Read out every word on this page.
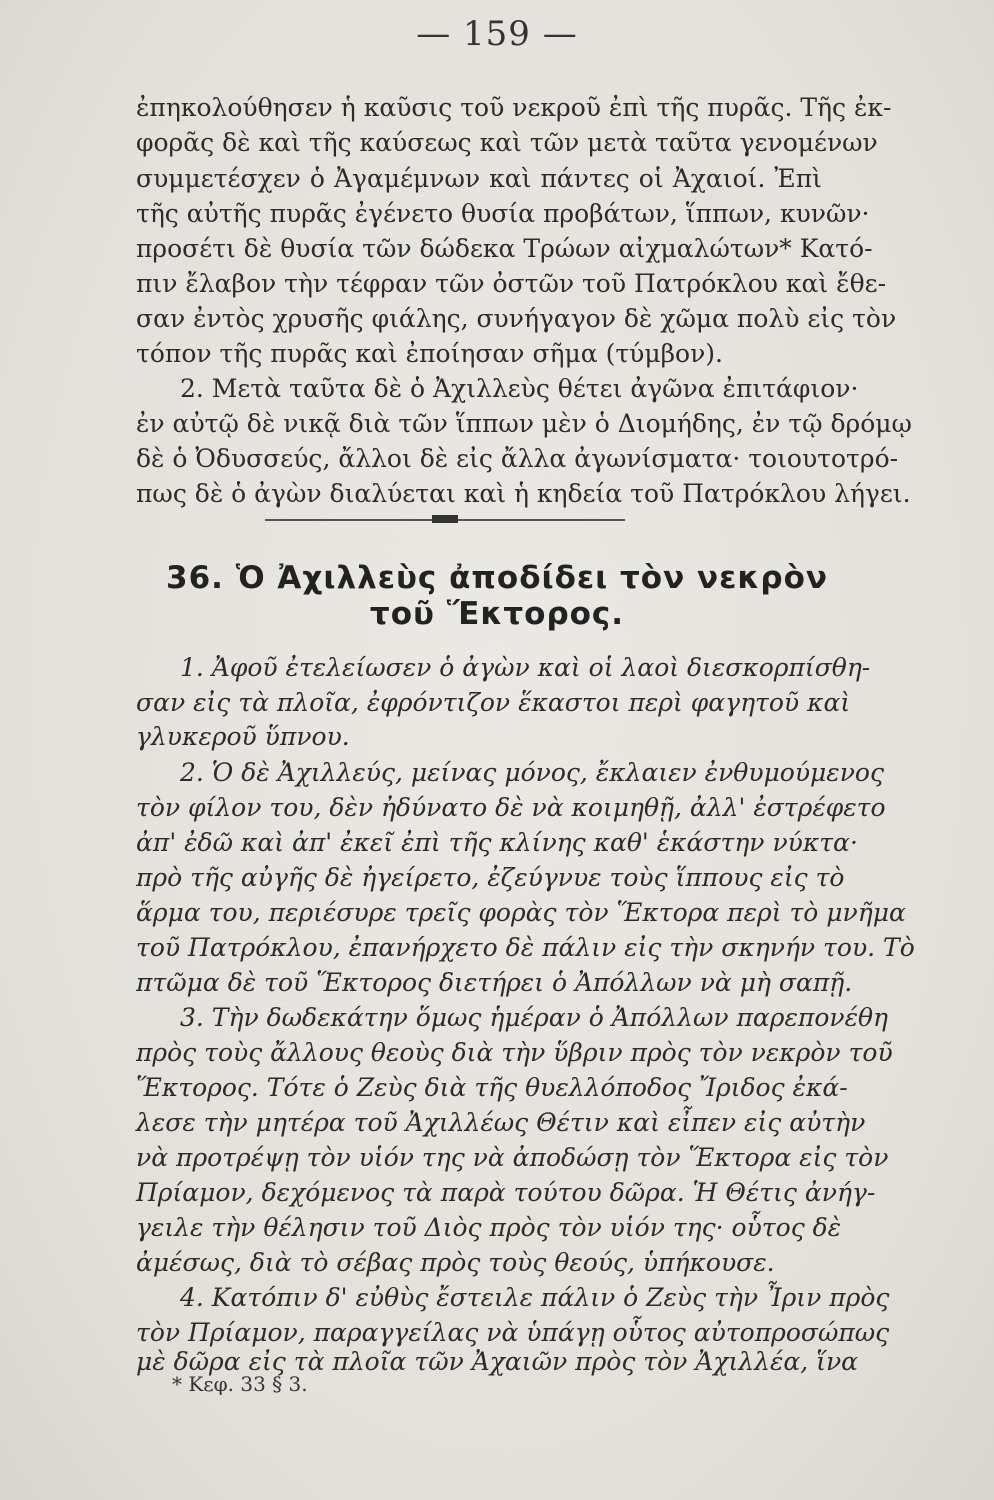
— 159 —
ἐπηκολούθησεν ἡ καῦσις τοῦ νεκροῦ ἐπὶ τῆς πυρᾶς. Τῆς ἐκ-
φορᾶς δὲ καὶ τῆς καύσεως καὶ τῶν μετὰ ταῦτα γενομένων
συμμετέσχεν ὁ Ἀγαμέμνων καὶ πάντες οἱ Ἀχαιοί. Ἐπὶ
τῆς αὐτῆς πυρᾶς ἐγένετο θυσία προβάτων, ἵππων, κυνῶν·
προσέτι δὲ θυσία τῶν δώδεκα Τρώων αἰχμαλώτων* Κατό-
πιν ἔλαβον τὴν τέφραν τῶν ὀστῶν τοῦ Πατρόκλου καὶ ἔθε-
σαν ἐντὸς χρυσῆς φιάλης, συνήγαγον δὲ χῶμα πολὺ εἰς τὸν
τόπον τῆς πυρᾶς καὶ ἐποίησαν σῆμα (τύμβον).
2. Μετὰ ταῦτα δὲ ὁ Ἀχιλλεὺς θέτει ἀγῶνα ἐπιτάφιον·
ἐν αὐτῷ δὲ νικᾷ διὰ τῶν ἵππων μὲν ὁ Διομήδης, ἐν τῷ δρόμῳ
δὲ ὁ Ὀδυσσεύς, ἄλλοι δὲ εἰς ἄλλα ἀγωνίσματα· τοιουτοτρό-
πως δὲ ὁ ἀγὼν διαλύεται καὶ ἡ κηδεία τοῦ Πατρόκλου λήγει.
36. Ὁ Ἀχιλλεὺς ἀποδίδει τὸν νεκρὸν
τοῦ Ἕκτορος.
1. Ἀφοῦ ἐτελείωσεν ὁ ἀγὼν καὶ οἱ λαοὶ διεσκορπίσθη-
σαν εἰς τὰ πλοῖα, ἐφρόντιζον ἕκαστοι περὶ φαγητοῦ καὶ
γλυκεροῦ ὕπνου.
2. Ὁ δὲ Ἀχιλλεύς, μείνας μόνος, ἔκλαιεν ἐνθυμούμενος
τὸν φίλον του, δὲν ἠδύνατο δὲ νὰ κοιμηθῇ, ἀλλ' ἐστρέφετο
ἀπ' ἐδῶ καὶ ἀπ' ἐκεῖ ἐπὶ τῆς κλίνης καθ' ἑκάστην νύκτα·
πρὸ τῆς αὐγῆς δὲ ἠγείρετο, ἐζεύγνυε τοὺς ἵππους εἰς τὸ
ἅρμα του, περιέσυρε τρεῖς φορὰς τὸν Ἕκτορα περὶ τὸ μνῆμα
τοῦ Πατρόκλου, ἐπανήρχετο δὲ πάλιν εἰς τὴν σκηνήν του. Τὸ
πτῶμα δὲ τοῦ Ἕκτορος διετήρει ὁ Ἀπόλλων νὰ μὴ σαπῇ.
3. Τὴν δωδεκάτην ὅμως ἡμέραν ὁ Ἀπόλλων παρεπονέθη
πρὸς τοὺς ἄλλους θεοὺς διὰ τὴν ὕβριν πρὸς τὸν νεκρὸν τοῦ
Ἕκτορος. Τότε ὁ Ζεὺς διὰ τῆς θυελλόποδος Ἴριδος ἐκά-
λεσε τὴν μητέρα τοῦ Ἀχιλλέως Θέτιν καὶ εἶπεν εἰς αὐτὴν
νὰ προτρέψῃ τὸν υἱόν της νὰ ἀποδώσῃ τὸν Ἕκτορα εἰς τὸν
Πρίαμον, δεχόμενος τὰ παρὰ τούτου δῶρα. Ἡ Θέτις ἀνήγ-
γειλε τὴν θέλησιν τοῦ Διὸς πρὸς τὸν υἱόν της· οὗτος δὲ
ἀμέσως, διὰ τὸ σέβας πρὸς τοὺς θεούς, ὑπήκουσε.
4. Κατόπιν δ' εὐθὺς ἔστειλε πάλιν ὁ Ζεὺς τὴν Ἶριν πρὸς
τὸν Πρίαμον, παραγγείλας νὰ ὑπάγῃ οὗτος αὐτοπροσώπως
μὲ δῶρα εἰς τὰ πλοῖα τῶν Ἀχαιῶν πρὸς τὸν Ἀχιλλέα, ἵνα
* Κεφ. 33 § 3.
